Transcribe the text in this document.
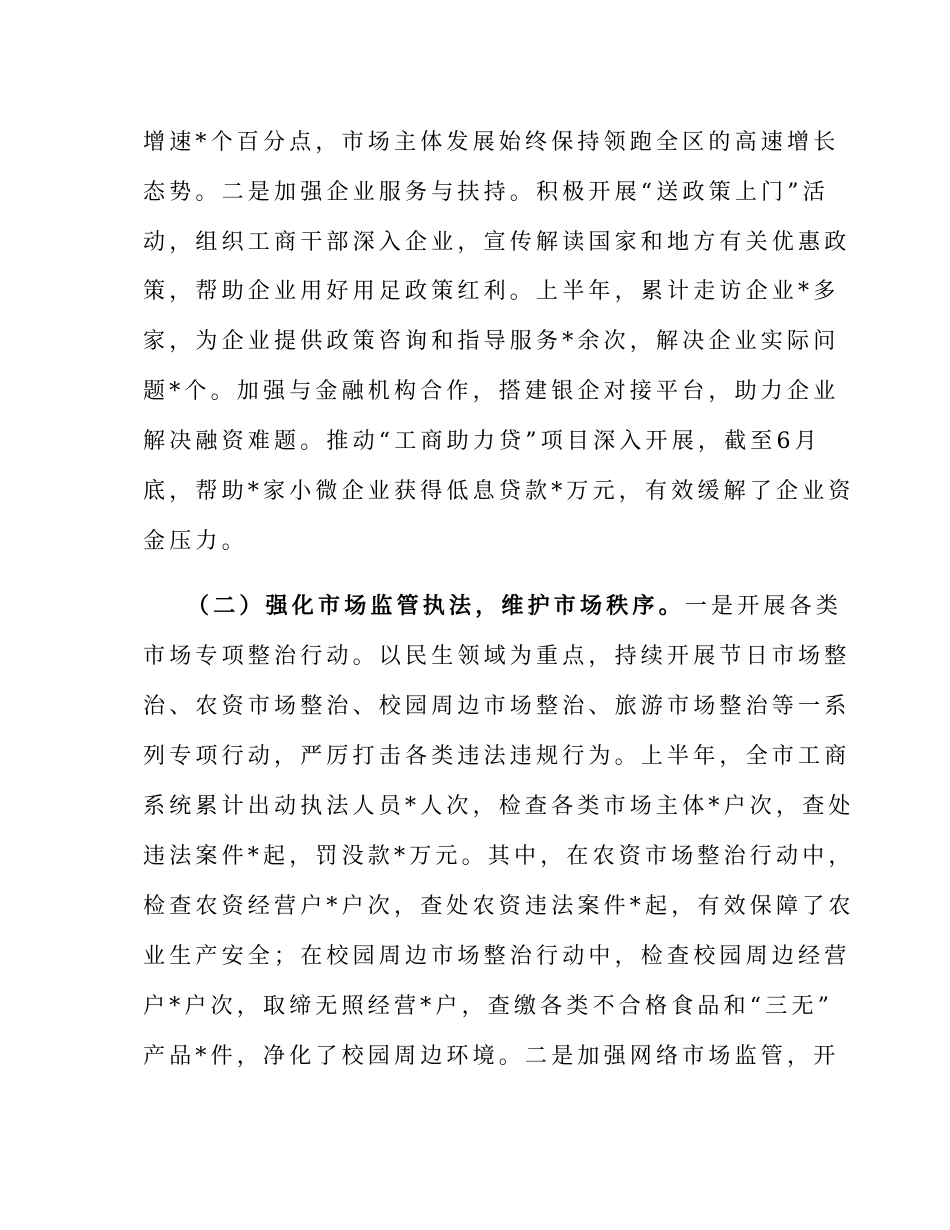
增速*个百分点，市场主体发展始终保持领跑全区的高速增长

态势。二是加强企业服务与扶持。积极开展“送政策上门”活

动，组织工商干部深入企业，宣传解读国家和地方有关优惠政

策，帮助企业用好用足政策红利。上半年，累计走访企业*多

家，为企业提供政策咨询和指导服务*余次，解决企业实际问

题*个。加强与金融机构合作，搭建银企对接平台，助力企业

解决融资难题。推动“工商助力贷”项目深入开展，截至6月

底，帮助*家小微企业获得低息贷款*万元，有效缓解了企业资

金压力。

（二）强化市场监管执法，维护市场秩序。一是开展各类

市场专项整治行动。以民生领域为重点，持续开展节日市场整

治、农资市场整治、校园周边市场整治、旅游市场整治等一系

列专项行动，严厉打击各类违法违规行为。上半年，全市工商

系统累计出动执法人员*人次，检查各类市场主体*户次，查处

违法案件*起，罚没款*万元。其中，在农资市场整治行动中，

检查农资经营户*户次，查处农资违法案件*起，有效保障了农

业生产安全；在校园周边市场整治行动中，检查校园周边经营

户*户次，取缔无照经营*户，查缴各类不合格食品和“三无”

产品*件，净化了校园周边环境。二是加强网络市场监管，开
